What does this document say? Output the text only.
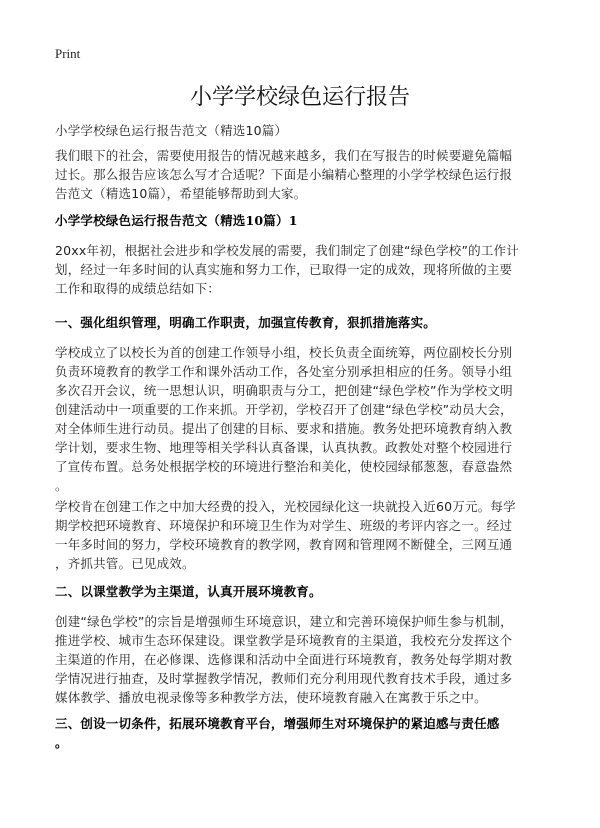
Print
小学学校绿色运行报告
小学学校绿色运行报告范文（精选10篇）
我们眼下的社会，需要使用报告的情况越来越多，我们在写报告的时候要避免篇幅
过长。那么报告应该怎么写才合适呢？下面是小编精心整理的小学学校绿色运行报
告范文（精选10篇），希望能够帮助到大家。
小学学校绿色运行报告范文（精选10篇）1
20xx年初，根据社会进步和学校发展的需要，我们制定了创建“绿色学校”的工作计
划，经过一年多时间的认真实施和努力工作，已取得一定的成效，现将所做的主要
工作和取得的成绩总结如下：
一、强化组织管理，明确工作职责，加强宣传教育，狠抓措施落实。
学校成立了以校长为首的创建工作领导小组，校长负责全面统筹，两位副校长分别
负责环境教育的教学工作和课外活动工作，各处室分别承担相应的任务。领导小组
多次召开会议，统一思想认识，明确职责与分工，把创建“绿色学校”作为学校文明
创建活动中一项重要的工作来抓。开学初，学校召开了创建“绿色学校”动员大会，
对全体师生进行动员。提出了创建的目标、要求和措施。教务处把环境教育纳入教
学计划，要求生物、地理等相关学科认真备课，认真执教。政教处对整个校园进行
了宣传布置。总务处根据学校的环境进行整治和美化，使校园绿郁葱葱，春意盎然
。
学校肯在创建工作之中加大经费的投入，光校园绿化这一块就投入近60万元。每学
期学校把环境教育、环境保护和环境卫生作为对学生、班级的考评内容之一。经过
一年多时间的努力，学校环境教育的教学网，教育网和管理网不断健全，三网互通
，齐抓共管。已见成效。
二、以课堂教学为主渠道，认真开展环境教育。
创建“绿色学校”的宗旨是增强师生环境意识，建立和完善环境保护师生参与机制，
推进学校、城市生态环保建设。课堂教学是环境教育的主渠道，我校充分发挥这个
主渠道的作用，在必修课、选修课和活动中全面进行环境教育，教务处每学期对教
学情况进行抽查，及时掌握教学情况，教师们充分利用现代教育技术手段，通过多
媒体教学、播放电视录像等多种教学方法，使环境教育融入在寓教于乐之中。
三、创设一切条件，拓展环境教育平台，增强师生对环境保护的紧迫感与责任感
。
